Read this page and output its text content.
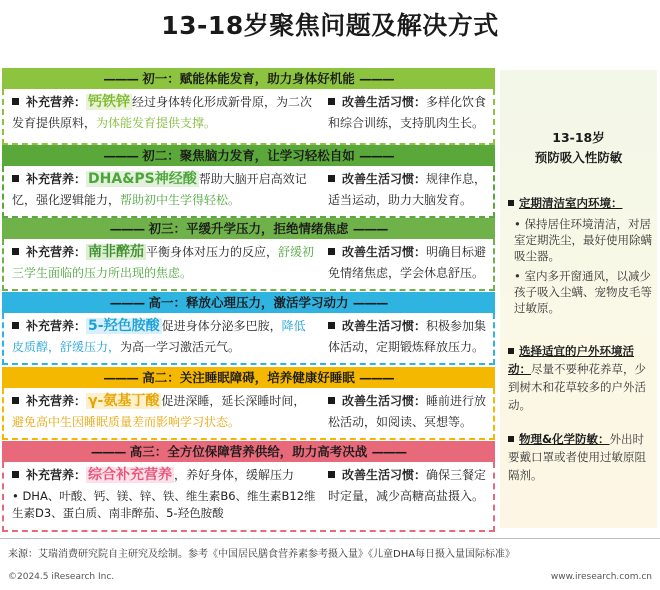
13-18岁聚焦问题及解决方式
——— 初一：赋能体能发育，助力身体好机能 ———
补充营养： 钙铁锌 经过身体转化形成新骨原，为二次发育提供原料，为体能发育提供支撑。
改善生活习惯：多样化饮食和综合训练，支持肌肉生长。
——— 初二：聚焦脑力发育，让学习轻松自如 ———
补充营养： DHA&PS神经酸 帮助大脑开启高效记忆，强化逻辑能力，帮助初中生学得轻松。
改善生活习惯：规律作息，适当运动，助力大脑发育。
——— 初三：平缓升学压力，拒绝情绪焦虑 ———
补充营养： 南非醉茄 平衡身体对压力的反应，舒缓初三学生面临的压力所出现的焦虑。
改善生活习惯：明确目标避免情绪焦虑，学会休息舒压。
——— 高一：释放心理压力，激活学习动力 ———
补充营养： 5-羟色胺酸 促进身体分泌多巴胺，降低皮质醇，舒缓压力，为高一学习激活元气。
改善生活习惯：积极参加集体活动，定期锻炼释放压力。
——— 高二：关注睡眠障碍，培养健康好睡眠 ———
补充营养： γ-氨基丁酸 促进深睡，延长深睡时间，避免高中生因睡眠质量差而影响学习状态。
改善生活习惯：睡前进行放松活动，如阅读、冥想等。
——— 高三：全方位保障营养供给，助力高考决战 ———
补充营养： 综合补充营养 ，养好身体，缓解压力
• DHA、叶酸、钙、镁、锌、铁、维生素B6、维生素B12维生素D3、蛋白质、南非醉茄、5-羟色胺酸
改善生活习惯：确保三餐定时定量，减少高糖高盐摄入。
13-18岁
预防吸入性防敏
定期清洁室内环境：
• 保持居住环境清洁，对居室定期洗尘，最好使用除螨吸尘器。
• 室内多开窗通风，以减少孩子吸入尘螨、宠物皮毛等过敏原。
选择适宜的户外环境活动：尽量不要种花养草，少到树木和花草较多的户外活动。
物理&化学防敏：外出时要戴口罩或者使用过敏原阻隔剂。
来源：艾瑞消费研究院自主研究及绘制。参考《中国居民膳食营养素参考摄入量》《儿童DHA每日摄入量国际标准》
©2024.5 iResearch Inc.	www.iresearch.com.cn
